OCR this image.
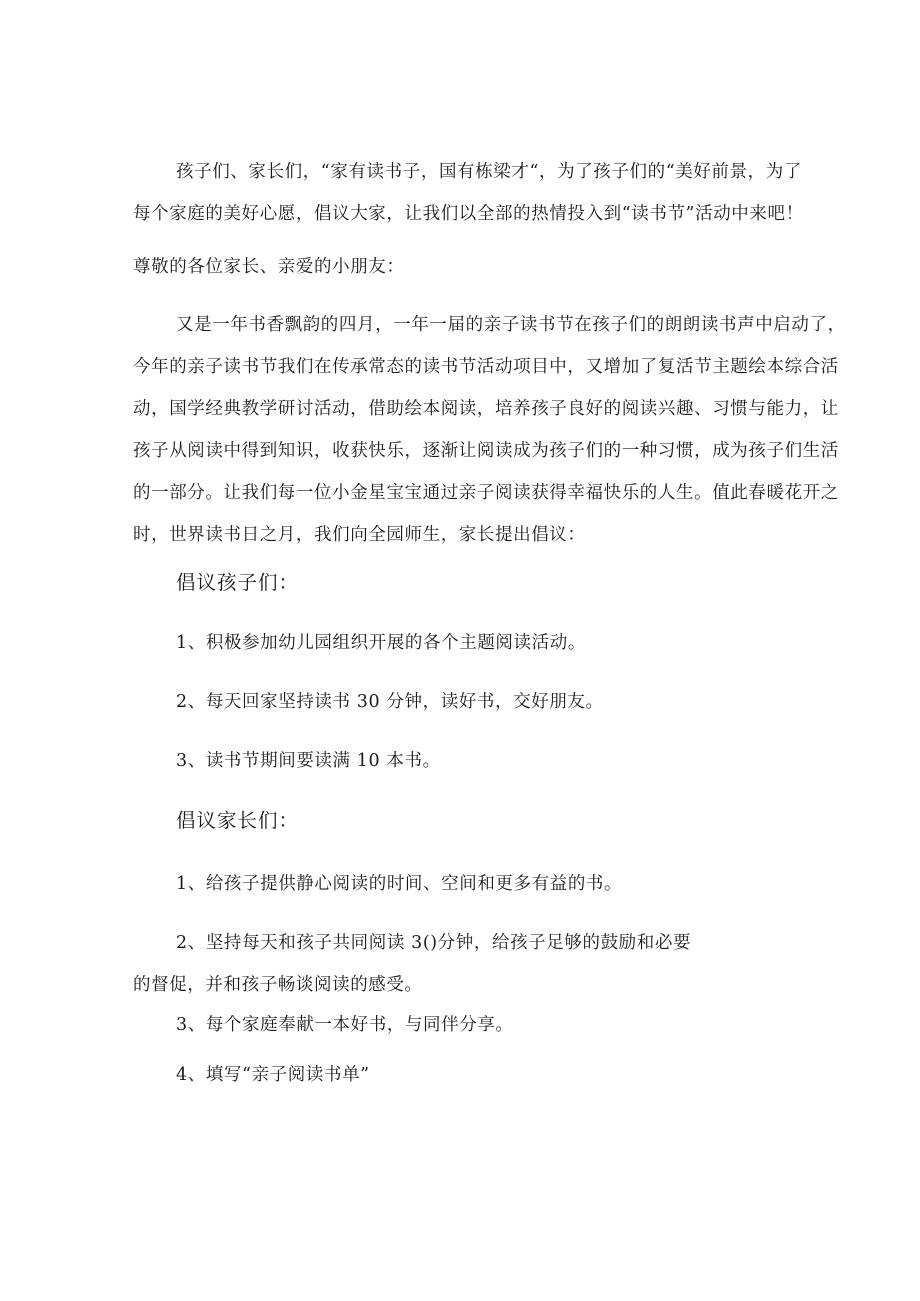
孩子们、家长们，“家有读书子，国有栋梁才“，为了孩子们的“美好前景，为了
每个家庭的美好心愿，倡议大家，让我们以全部的热情投入到“读书节”活动中来吧！
尊敬的各位家长、亲爱的小朋友：
又是一年书香飘韵的四月，一年一届的亲子读书节在孩子们的朗朗读书声中启动了，
今年的亲子读书节我们在传承常态的读书节活动项目中，又增加了复活节主题绘本综合活
动，国学经典教学研讨活动，借助绘本阅读，培养孩子良好的阅读兴趣、习惯与能力，让
孩子从阅读中得到知识，收获快乐，逐渐让阅读成为孩子们的一种习惯，成为孩子们生活
的一部分。让我们每一位小金星宝宝通过亲子阅读获得幸福快乐的人生。值此春暖花开之
时，世界读书日之月，我们向全园师生，家长提出倡议：
倡议孩子们：
1、积极参加幼儿园组织开展的各个主题阅读活动。
2、每天回家坚持读书 30 分钟，读好书，交好朋友。
3、读书节期间要读满 10 本书。
倡议家长们：
1、给孩子提供静心阅读的时间、空间和更多有益的书。
2、坚持每天和孩子共同阅读 3()分钟，给孩子足够的鼓励和必要
的督促，并和孩子畅谈阅读的感受。
3、每个家庭奉献一本好书，与同伴分享。
4、填写“亲子阅读书单”
